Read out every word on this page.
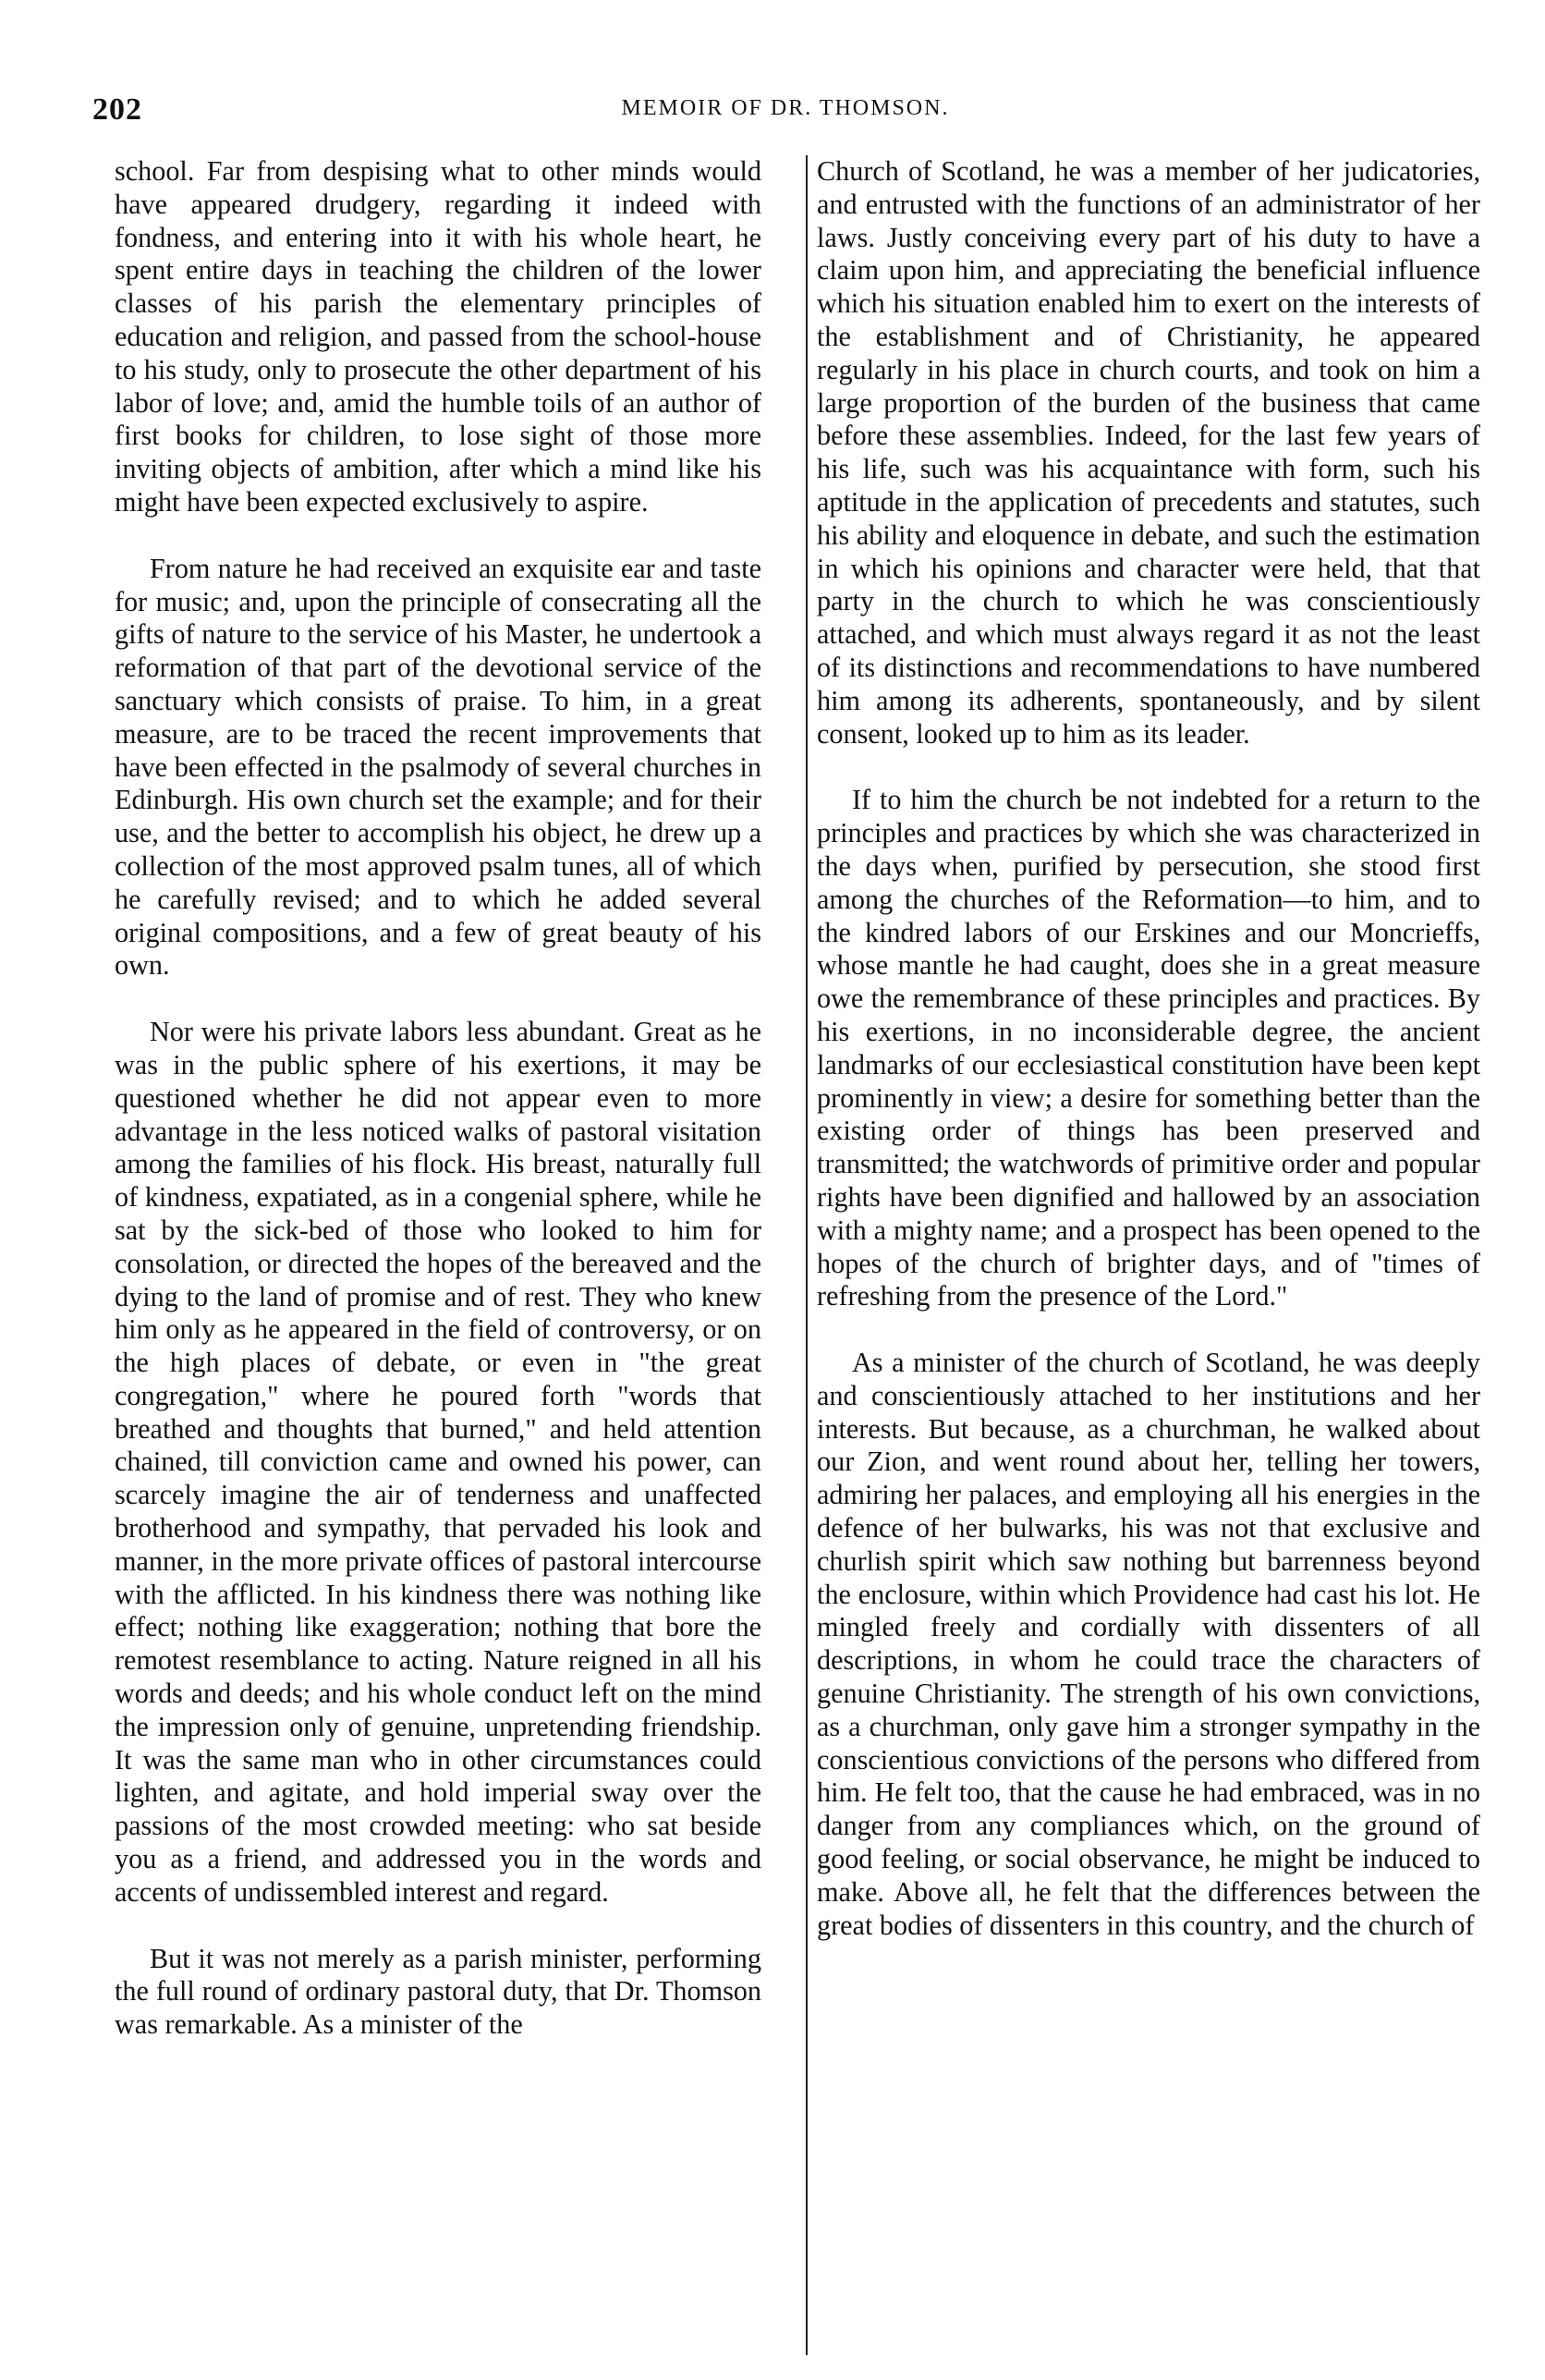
202	MEMOIR OF DR. THOMSON.

school. Far from despising what to other minds would have appeared drudgery, regarding it indeed with fondness, and entering into it with his whole heart, he spent entire days in teaching the children of the lower classes of his parish the elementary principles of education and religion, and passed from the school-house to his study, only to prosecute the other department of his labor of love; and, amid the humble toils of an author of first books for children, to lose sight of those more inviting objects of ambition, after which a mind like his might have been expected exclusively to aspire.

From nature he had received an exquisite ear and taste for music; and, upon the principle of consecrating all the gifts of nature to the service of his Master, he undertook a reformation of that part of the devotional service of the sanctuary which consists of praise. To him, in a great measure, are to be traced the recent improvements that have been effected in the psalmody of several churches in Edinburgh. His own church set the example; and for their use, and the better to accomplish his object, he drew up a collection of the most approved psalm tunes, all of which he carefully revised; and to which he added several original compositions, and a few of great beauty of his own.

Nor were his private labors less abundant. Great as he was in the public sphere of his exertions, it may be questioned whether he did not appear even to more advantage in the less noticed walks of pastoral visitation among the families of his flock. His breast, naturally full of kindness, expatiated, as in a congenial sphere, while he sat by the sick-bed of those who looked to him for consolation, or directed the hopes of the bereaved and the dying to the land of promise and of rest. They who knew him only as he appeared in the field of controversy, or on the high places of debate, or even in "the great congregation," where he poured forth "words that breathed and thoughts that burned," and held attention chained, till conviction came and owned his power, can scarcely imagine the air of tenderness and unaffected brotherhood and sympathy, that pervaded his look and manner, in the more private offices of pastoral intercourse with the afflicted. In his kindness there was nothing like effect; nothing like exaggeration; nothing that bore the remotest resemblance to acting. Nature reigned in all his words and deeds; and his whole conduct left on the mind the impression only of genuine, unpretending friendship. It was the same man who in other circumstances could lighten, and agitate, and hold imperial sway over the passions of the most crowded meeting: who sat beside you as a friend, and addressed you in the words and accents of undissembled interest and regard.

But it was not merely as a parish minister, performing the full round of ordinary pastoral duty, that Dr. Thomson was remarkable. As a minister of the

Church of Scotland, he was a member of her judicatories, and entrusted with the functions of an administrator of her laws. Justly conceiving every part of his duty to have a claim upon him, and appreciating the beneficial influence which his situation enabled him to exert on the interests of the establishment and of Christianity, he appeared regularly in his place in church courts, and took on him a large proportion of the burden of the business that came before these assemblies. Indeed, for the last few years of his life, such was his acquaintance with form, such his aptitude in the application of precedents and statutes, such his ability and eloquence in debate, and such the estimation in which his opinions and character were held, that that party in the church to which he was conscientiously attached, and which must always regard it as not the least of its distinctions and recommendations to have numbered him among its adherents, spontaneously, and by silent consent, looked up to him as its leader.

If to him the church be not indebted for a return to the principles and practices by which she was characterized in the days when, purified by persecution, she stood first among the churches of the Reformation—to him, and to the kindred labors of our Erskines and our Moncrieffs, whose mantle he had caught, does she in a great measure owe the remembrance of these principles and practices. By his exertions, in no inconsiderable degree, the ancient landmarks of our ecclesiastical constitution have been kept prominently in view; a desire for something better than the existing order of things has been preserved and transmitted; the watchwords of primitive order and popular rights have been dignified and hallowed by an association with a mighty name; and a prospect has been opened to the hopes of the church of brighter days, and of "times of refreshing from the presence of the Lord."

As a minister of the church of Scotland, he was deeply and conscientiously attached to her institutions and her interests. But because, as a churchman, he walked about our Zion, and went round about her, telling her towers, admiring her palaces, and employing all his energies in the defence of her bulwarks, his was not that exclusive and churlish spirit which saw nothing but barrenness beyond the enclosure, within which Providence had cast his lot. He mingled freely and cordially with dissenters of all descriptions, in whom he could trace the characters of genuine Christianity. The strength of his own convictions, as a churchman, only gave him a stronger sympathy in the conscientious convictions of the persons who differed from him. He felt too, that the cause he had embraced, was in no danger from any compliances which, on the ground of good feeling, or social observance, he might be induced to make. Above all, he felt that the differences between the great bodies of dissenters in this country, and the church of
